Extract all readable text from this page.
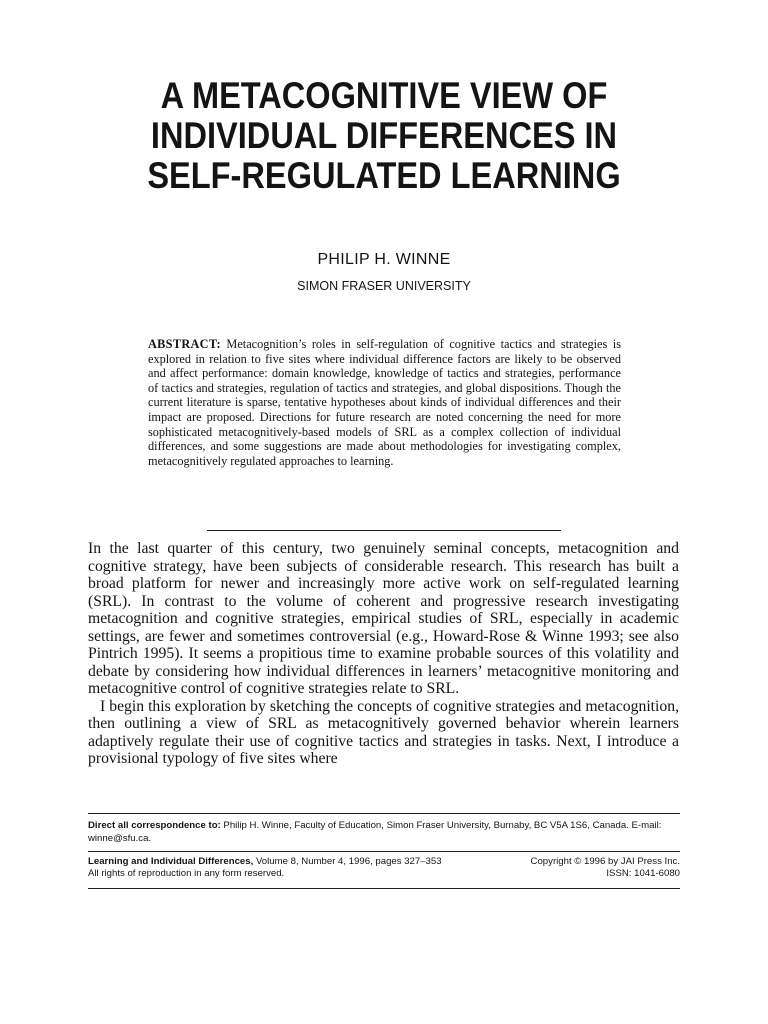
A METACOGNITIVE VIEW OF
INDIVIDUAL DIFFERENCES IN
SELF-REGULATED LEARNING
PHILIP H. WINNE
SIMON FRASER UNIVERSITY
ABSTRACT: Metacognition’s roles in self-regulation of cognitive tactics and strategies is explored in relation to five sites where individual difference factors are likely to be observed and affect performance: domain knowledge, knowledge of tactics and strategies, performance of tactics and strategies, regulation of tactics and strategies, and global dispositions. Though the current literature is sparse, tentative hypotheses about kinds of individual differences and their impact are proposed. Directions for future research are noted concerning the need for more sophisticated metacognitively-based models of SRL as a complex collection of individual differences, and some suggestions are made about methodologies for investigating complex, metacognitively regulated approaches to learning.

In the last quarter of this century, two genuinely seminal concepts, metacognition and cognitive strategy, have been subjects of considerable research. This research has built a broad platform for newer and increasingly more active work on self-regulated learning (SRL). In contrast to the volume of coherent and progressive research investigating metacognition and cognitive strategies, empirical studies of SRL, especially in academic settings, are fewer and sometimes controversial (e.g., Howard-Rose & Winne 1993; see also Pintrich 1995). It seems a propitious time to examine probable sources of this volatility and debate by considering how individual differences in learners’ metacognitive monitoring and metacognitive control of cognitive strategies relate to SRL.

I begin this exploration by sketching the concepts of cognitive strategies and metacognition, then outlining a view of SRL as metacognitively governed behavior wherein learners adaptively regulate their use of cognitive tactics and strategies in tasks. Next, I introduce a provisional typology of five sites where

Direct all correspondence to: Philip H. Winne, Faculty of Education, Simon Fraser University, Burnaby, BC V5A 1S6, Canada. E-mail: winne@sfu.ca.
Learning and Individual Differences, Volume 8, Number 4, 1996, pages 327–353	Copyright © 1996 by JAI Press Inc.
All rights of reproduction in any form reserved.	ISSN: 1041-6080
